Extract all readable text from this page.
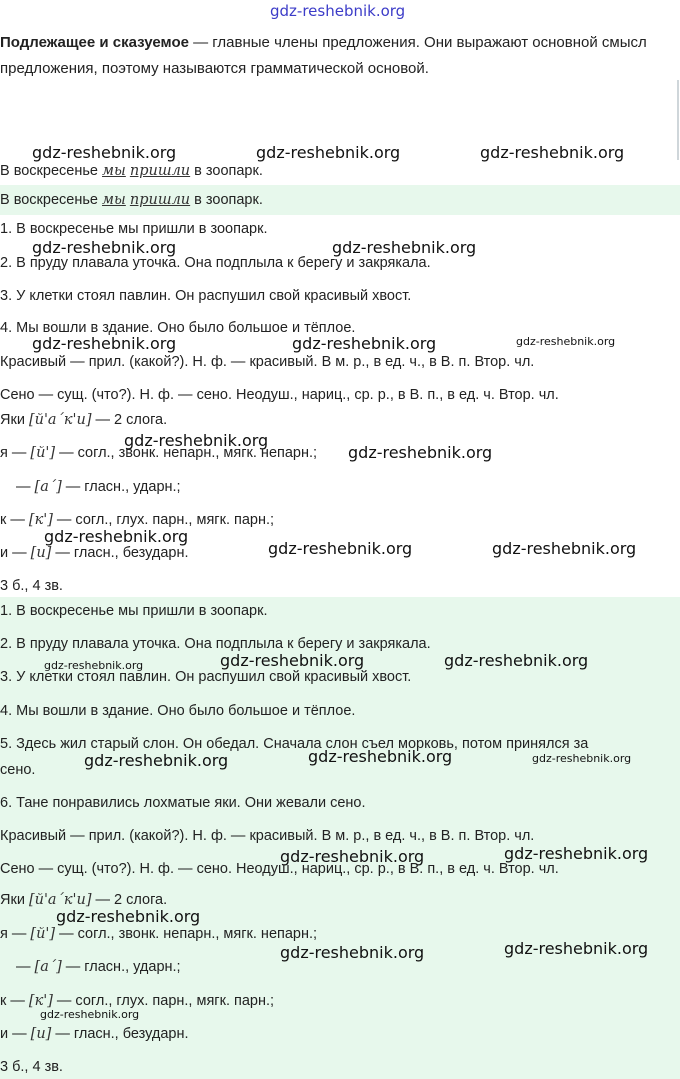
gdz-reshebnik.org
Подлежащее и сказуемое — главные члены предложения. Они выражают основной смысл предложения, поэтому называются грамматической основой.
gdz-reshebnik.org	gdz-reshebnik.org	gdz-reshebnik.org
В воскресенье мы пришли в зоопарк.
В воскресенье мы пришли в зоопарк.
1. В воскресенье мы пришли в зоопарк.
gdz-reshebnik.org	gdz-reshebnik.org
2. В пруду плавала уточка. Она подплыла к берегу и закрякала.
3. У клетки стоял павлин. Он распушил свой красивый хвост.
4. Мы вошли в здание. Оно было большое и тёплое.
gdz-reshebnik.org	gdz-reshebnik.org	gdz-reshebnik.org
Красивый — прил. (какой?). Н. ф. — красивый. В м. р., в ед. ч., в В. п. Втор. чл.
Сено — сущ. (что?). Н. ф. — сено. Неодуш., нариц., ср. р., в В. п., в ед. ч. Втор. чл.
Яки [й'а´к'и] — 2 слога.
gdz-reshebnik.org
я — [й'] — согл., звонк. непарн., мягк. непарн.; gdz-reshebnik.org
— [а´] — гласн., ударн.;
к — [к'] — согл., глух. парн., мягк. парн.;
gdz-reshebnik.org
и — [и] — гласн., безударн.	gdz-reshebnik.org	gdz-reshebnik.org
3 б., 4 зв.
1. В воскресенье мы пришли в зоопарк.
2. В пруду плавала уточка. Она подплыла к берегу и закрякала.
gdz-reshebnik.org	gdz-reshebnik.org	gdz-reshebnik.org
3. У клетки стоял павлин. Он распушил свой красивый хвост.
4. Мы вошли в здание. Оно было большое и тёплое.
5. Здесь жил старый слон. Он обедал. Сначала слон съел морковь, потом принялся за
сено.	gdz-reshebnik.org	gdz-reshebnik.org	gdz-reshebnik.org
6. Тане понравились лохматые яки. Они жевали сено.
Красивый — прил. (какой?). Н. ф. — красивый. В м. р., в ед. ч., в В. п. Втор. чл.
gdz-reshebnik.org	gdz-reshebnik.org
Сено — сущ. (что?). Н. ф. — сено. Неодуш., нариц., ср. р., в В. п., в ед. ч. Втор. чл.
Яки [й'а´к'и] — 2 слога.
gdz-reshebnik.org
я — [й'] — согл., звонк. непарн., мягк. непарн.;
gdz-reshebnik.org	gdz-reshebnik.org
— [а´] — гласн., ударн.;
к — [к'] — согл., глух. парн., мягк. парн.;
gdz-reshebnik.org
и — [и] — гласн., безударн.
3 б., 4 зв.
